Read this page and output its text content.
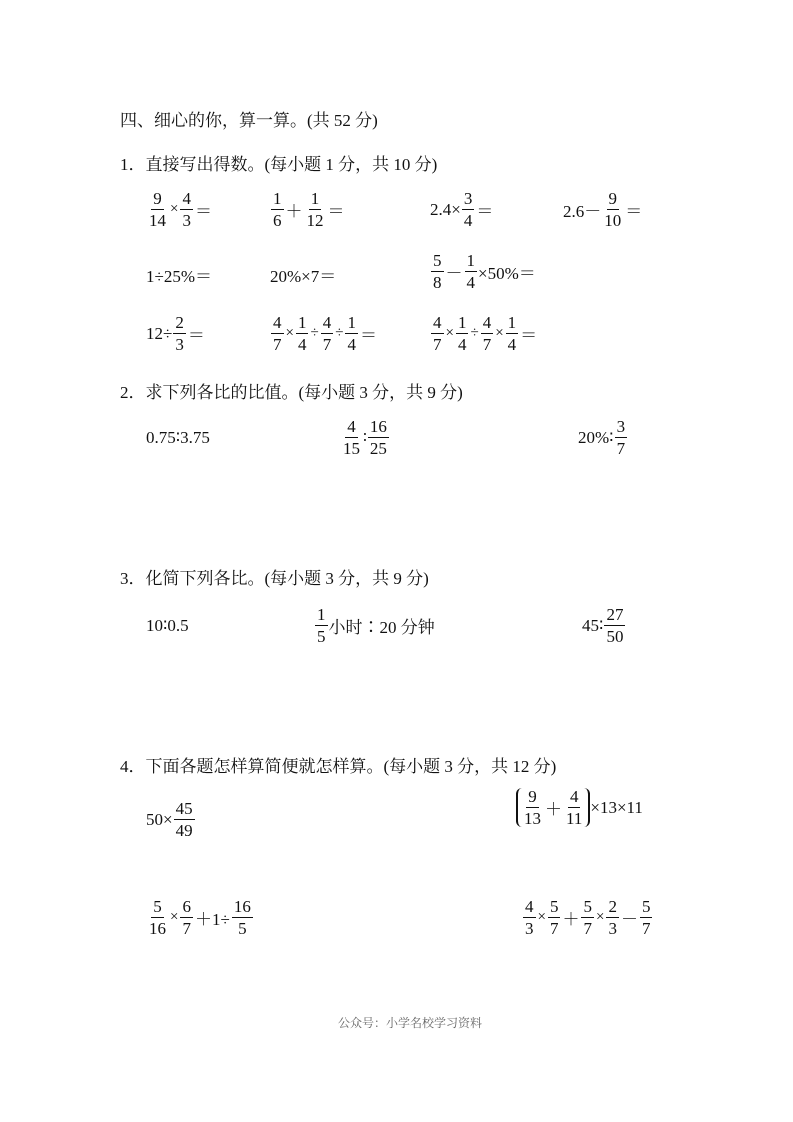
四、细心的你，算一算。(共 52 分)
1．直接写出得数。(每小题 1 分，共 10 分)
$\frac{9}{14} \times \frac{4}{3}$ ＝	$\frac{1}{6} + \frac{1}{12}$ ＝	$2.4\times \frac{3}{4}$ ＝	$2.6- \frac{9}{10}$ ＝
1÷25%＝	20%×7＝	$\frac{5}{8} - \frac{1}{4} \times 50\%=$
$12\div \frac{2}{3}$ ＝	$\frac{4}{7} \times \frac{1}{4} \div \frac{4}{7} \div \frac{1}{4}$ ＝	$\frac{4}{7} \times \frac{1}{4} \div \frac{4}{7} \times \frac{1}{4}$ ＝
2．求下列各比的比值。(每小题 3 分，共 9 分)
0.75∶3.75	$\frac{4}{15}$ ∶ $\frac{16}{25}$	20%∶ $\frac{3}{7}$
3．化简下列各比。(每小题 3 分，共 9 分)
10∶0.5	$\frac{1}{5}$ 小时∶20 分钟	45∶ $\frac{27}{50}$
4．下面各题怎样算简便就怎样算。(每小题 3 分，共 12 分)
$50\times \frac{45}{49}$	$\frac{9}{13} + \frac{4}{11} \times 13\times 11$
$\frac{5}{16} \times \frac{6}{7} +1\div \frac{16}{5}$	$\frac{4}{3} \times \frac{5}{7} + \frac{5}{7} \times \frac{2}{3} - \frac{5}{7}$
公众号：小学名校学习资料
